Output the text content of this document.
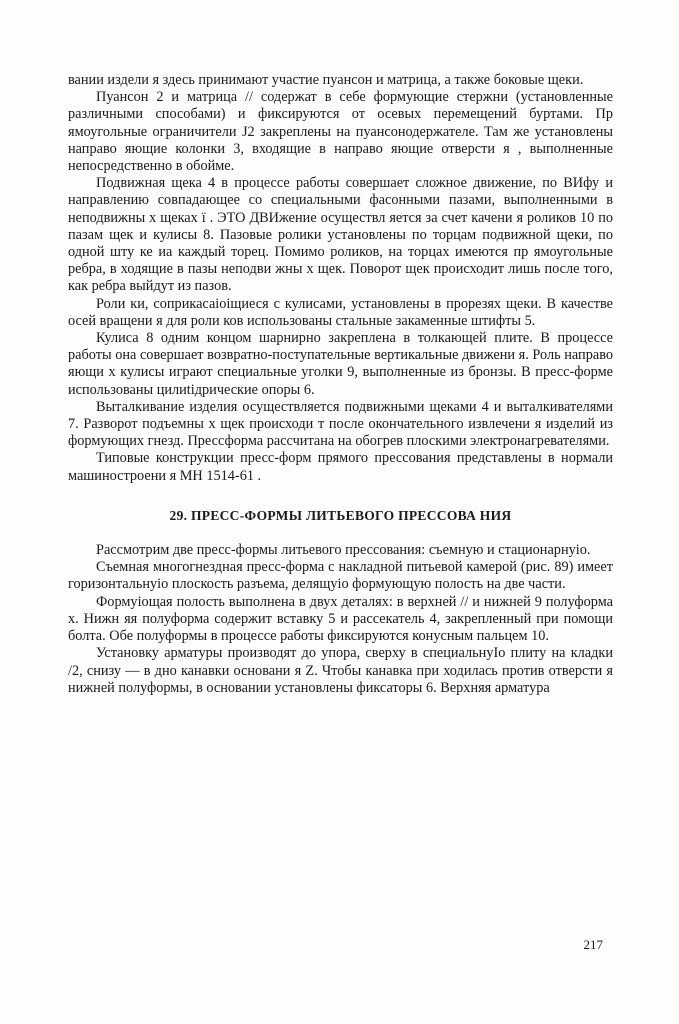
вании издели я здесь принимают участие пуансон и матрица, а также боковые щеки.

Пуансон 2 и матрица // содержат в себе формующие стержни (установленные различными способами) и фиксируются от осевых перемещений буртами. Пр ямоугольные ограничители J2 закреплены на пуансонодержателе. Там же установлены направо яющие колонки 3, входящие в направо яющие отверсти я , выполненные непосредственно в обойме.

Подвижная щека 4 в процессе работы совершает сложное движение, по ВИфу и направлению совпадающее со специальными фасонными пазами, выполненными в неподвижны х щеках ї . ЭТО ДВИжение осуществл яется за счет качени я роликов 10 по пазам щек и кулисы 8. Пазовые ролики установлены по торцам подвижной щеки, по одной шту ке иа каждый торец. Помимо роликов, на торцах имеются пр ямоугольные ребра, в ходящие в пазы неподви жны х щек. Поворот щек происходит лишь после того, как ребра выйдут из пазов.

Роли ки, соприкасаіоіщиеся с кулисами, установлены в прорезях щеки. В качестве осей вращени я для роли ков использованы стальные закаменные штифты 5.

Кулиса 8 одним концом шарнирно закреплена в толкающей плите. В процессе работы она совершает возвратно-поступательные вертикальные движени я. Роль направо яющи х кулисы играют специальные уголки 9, выполненные из бронзы. В пресс-форме использованы цилиtідрические опоры 6.

Выталкивание изделия осуществляется подвижными щеками 4 и выталкивателями 7. Разворот подъемны х щек происходи т после окончательного извлечени я изделий из формующих гнезд. Прессформа рассчитана на обогрев плоскими электронагревателями.

Типовые конструкции пресс-форм прямого прессования представлены в нормали машиностроени я МН 1514-61 .

29. ПРЕСС-ФОРМЫ ЛИТЬЕВОГО ПРЕССОВА НИЯ

Рассмотрим две пресс-формы литьевого прессования: съемную и стационарнуіо.

Съемная многогнездная пресс-форма с накладной питьевой камерой (рис. 89) имеет горизонтальнуіо плоскость разъема, делящуіо формующую полость на две части.

Формуіощая полость выполнена в двух деталях: в верхней // и нижней 9 полуформа х. Нижн яя полуформа содержит вставку 5 и рассекатель 4, закрепленный при помощи болта. Обе полуформы в процессе работы фиксируются конусным пальцем 10.

Установку арматуры производят до упора, сверху в специальнуІо плиту на кладки /2, снизу — в дно канавки основани я Z. Чтобы канавка при ходилась против отверсти я нижней полуформы, в основании установлены фиксаторы 6. Верхняя арматура

217
